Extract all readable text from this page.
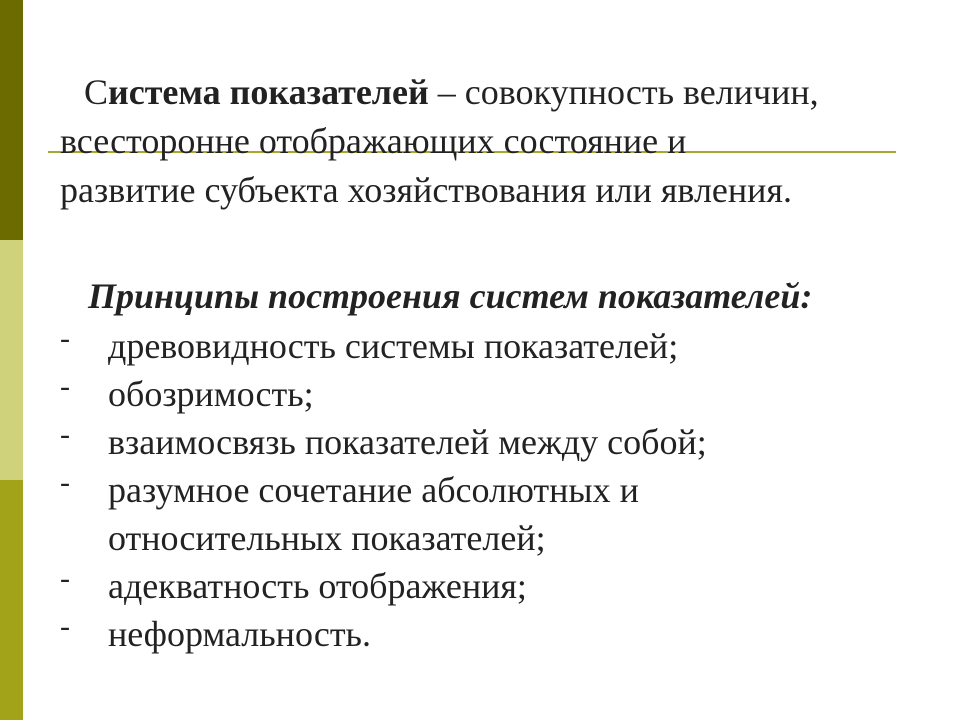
Система показателей – совокупность величин,
всесторонне отображающих состояние и
развитие субъекта хозяйствования или явления.

Принципы построения систем показателей:

- древовидность системы показателей;
- обозримость;
- взаимосвязь показателей между собой;
- разумное сочетание абсолютных и
относительных показателей;
- адекватность отображения;
- неформальность.
